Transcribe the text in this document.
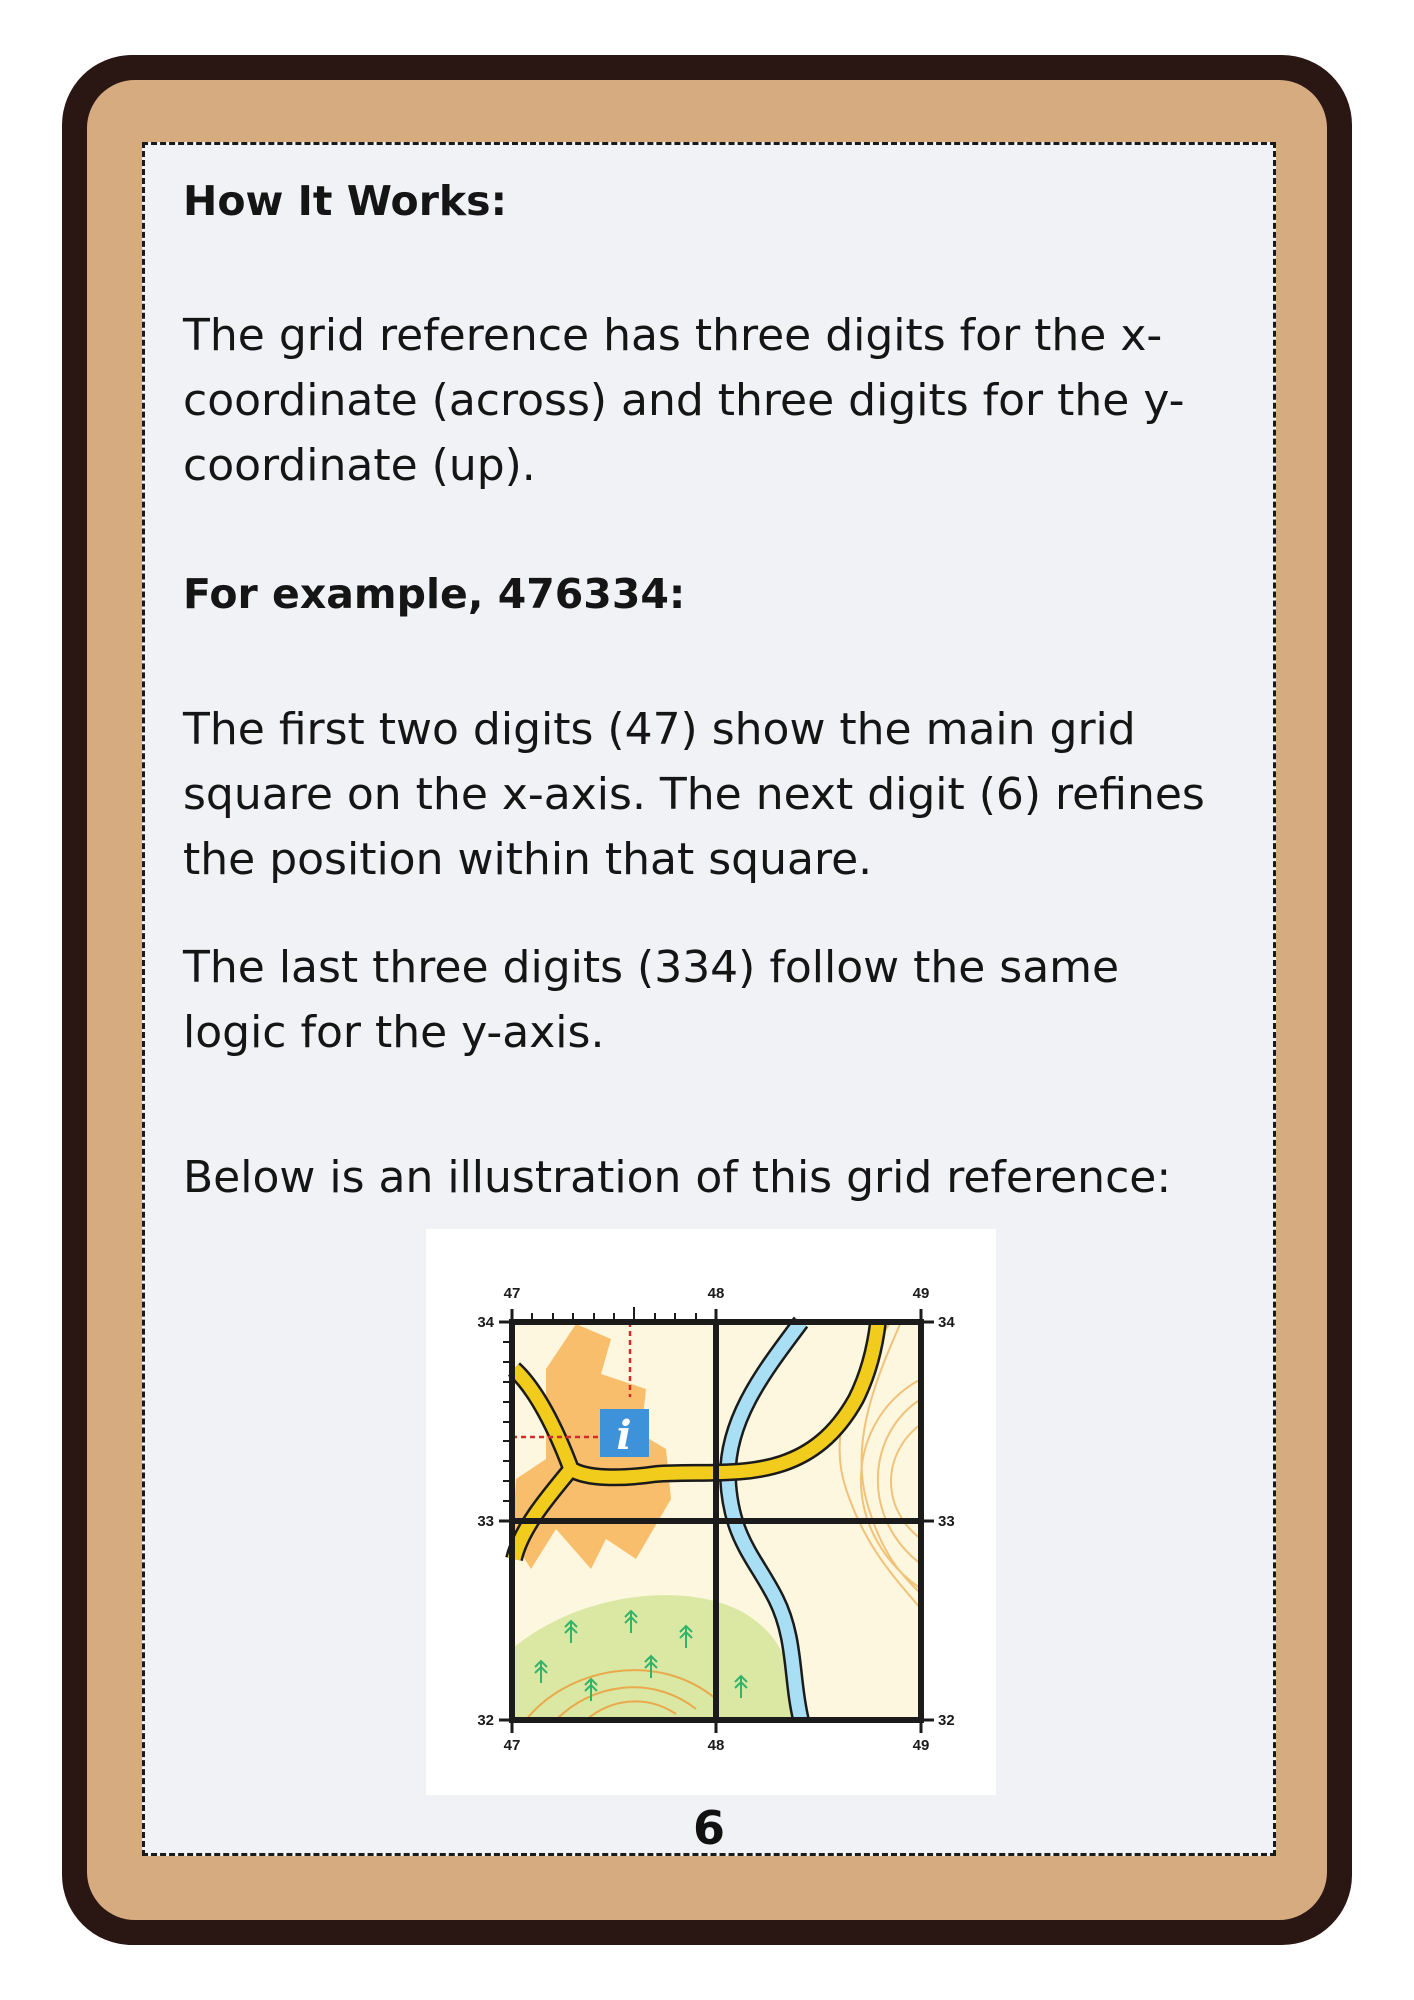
How It Works:
The grid reference has three digits for the x-
coordinate (across) and three digits for the y-
coordinate (up).
For example, 476334:
The first two digits (47) show the main grid
square on the x-axis. The next digit (6) refines
the position within that square.
The last three digits (334) follow the same
logic for the y-axis.
Below is an illustration of this grid reference:
i
47	48	49
47	48	49
34
33
32
34
33
32
6
